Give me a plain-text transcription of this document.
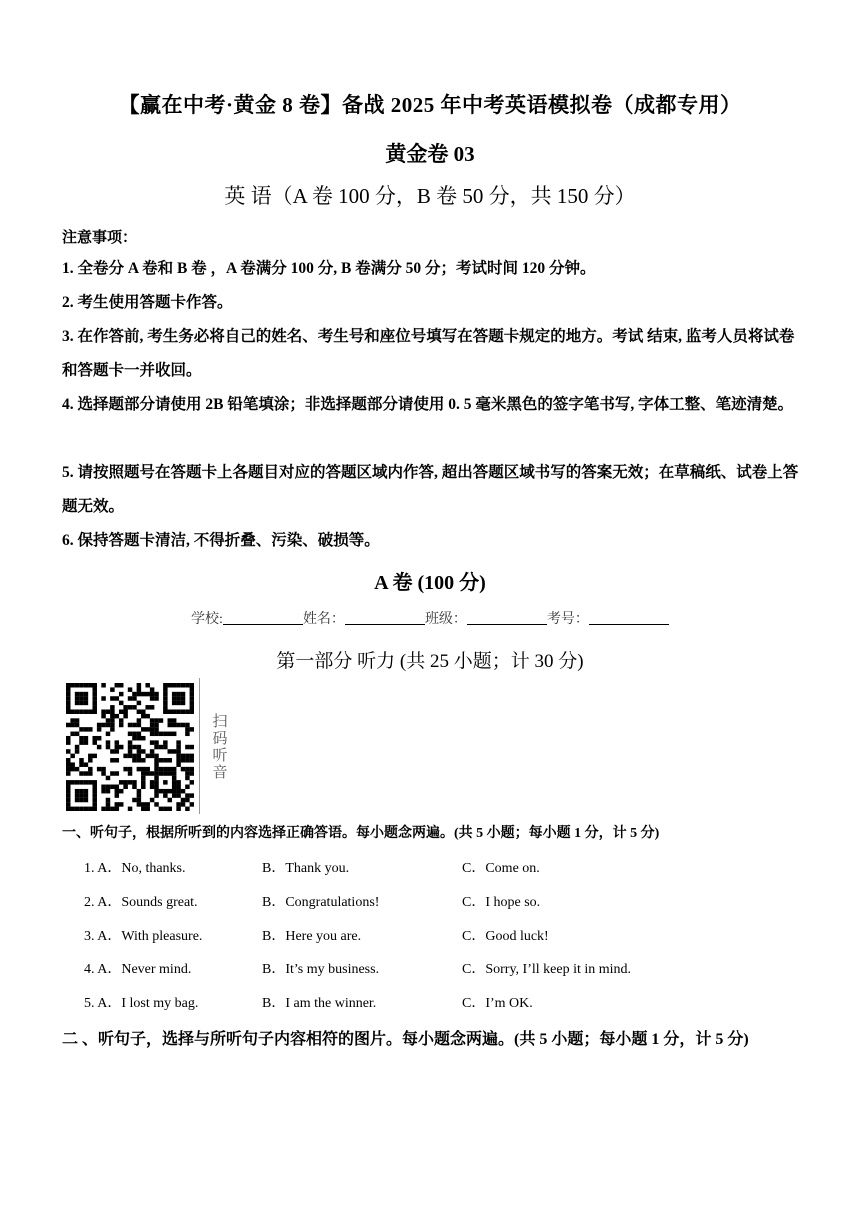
【赢在中考·黄金 8 卷】备战 2025 年中考英语模拟卷（成都专用）
黄金卷 03
英 语（A 卷 100 分，B 卷 50 分，共 150 分）
注意事项：
1. 全卷分 A 卷和 B 卷 ，A 卷满分 100 分, B 卷满分 50 分；考试时间 120 分钟。
2. 考生使用答题卡作答。
3. 在作答前, 考生务必将自己的姓名、考生号和座位号填写在答题卡规定的地方。考试 结束, 监考人员将试卷和答题卡一并收回。
4. 选择题部分请使用 2B 铅笔填涂；非选择题部分请使用 0. 5 毫米黑色的签字笔书写, 字体工整、笔迹清楚。
5. 请按照题号在答题卡上各题目对应的答题区域内作答, 超出答题区域书写的答案无效；在草稿纸、试卷上答题无效。
6. 保持答题卡清洁, 不得折叠、污染、破损等。
A 卷 (100 分)
学校:	姓名：	班级：	考号：
第一部分 听力 (共 25 小题；计 30 分)
扫
码
听
音
一、听句子，根据所听到的内容选择正确答语。每小题念两遍。(共 5 小题；每小题 1 分，计 5 分)
1. A．No, thanks.	B．Thank you.	C．Come on.
2. A．Sounds great.	B．Congratulations!	C．I hope so.
3. A．With pleasure.	B．Here you are.	C．Good luck!
4. A．Never mind.	B．It’s my business.	C．Sorry, I’ll keep it in mind.
5. A．I lost my bag.	B．I am the winner.	C．I’m OK.
二 、听句子，选择与所听句子内容相符的图片。每小题念两遍。(共 5 小题；每小题 1 分，计 5 分)
